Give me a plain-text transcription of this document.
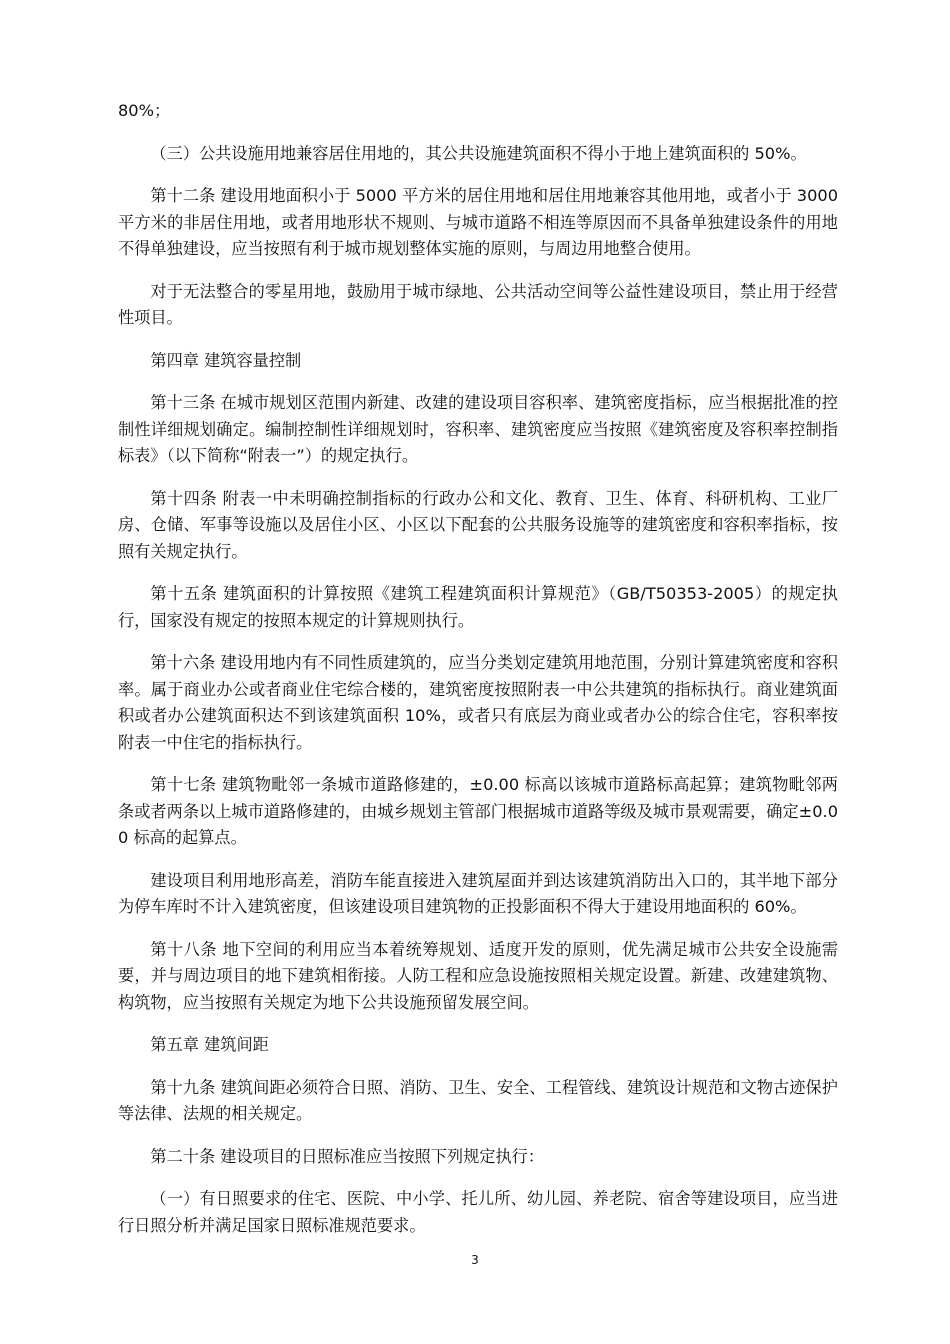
80%；

（三）公共设施用地兼容居住用地的，其公共设施建筑面积不得小于地上建筑面积的 50%。

第十二条 建设用地面积小于 5000 平方米的居住用地和居住用地兼容其他用地，或者小于 3000 平方米的非居住用地，或者用地形状不规则、与城市道路不相连等原因而不具备单独建设条件的用地不得单独建设，应当按照有利于城市规划整体实施的原则，与周边用地整合使用。

对于无法整合的零星用地，鼓励用于城市绿地、公共活动空间等公益性建设项目，禁止用于经营性项目。

第四章 建筑容量控制

第十三条 在城市规划区范围内新建、改建的建设项目容积率、建筑密度指标，应当根据批准的控制性详细规划确定。编制控制性详细规划时，容积率、建筑密度应当按照《建筑密度及容积率控制指标表》（以下简称“附表一”）的规定执行。

第十四条 附表一中未明确控制指标的行政办公和文化、教育、卫生、体育、科研机构、工业厂房、仓储、军事等设施以及居住小区、小区以下配套的公共服务设施等的建筑密度和容积率指标，按照有关规定执行。

第十五条 建筑面积的计算按照《建筑工程建筑面积计算规范》（GB/T50353-2005）的规定执行，国家没有规定的按照本规定的计算规则执行。

第十六条 建设用地内有不同性质建筑的，应当分类划定建筑用地范围，分别计算建筑密度和容积率。属于商业办公或者商业住宅综合楼的，建筑密度按照附表一中公共建筑的指标执行。商业建筑面积或者办公建筑面积达不到该建筑面积 10%，或者只有底层为商业或者办公的综合住宅，容积率按附表一中住宅的指标执行。

第十七条 建筑物毗邻一条城市道路修建的，±0.00 标高以该城市道路标高起算；建筑物毗邻两条或者两条以上城市道路修建的，由城乡规划主管部门根据城市道路等级及城市景观需要，确定±0.00 标高的起算点。

建设项目利用地形高差，消防车能直接进入建筑屋面并到达该建筑消防出入口的，其半地下部分为停车库时不计入建筑密度，但该建设项目建筑物的正投影面积不得大于建设用地面积的 60%。

第十八条 地下空间的利用应当本着统筹规划、适度开发的原则，优先满足城市公共安全设施需要，并与周边项目的地下建筑相衔接。人防工程和应急设施按照相关规定设置。新建、改建建筑物、构筑物，应当按照有关规定为地下公共设施预留发展空间。

第五章 建筑间距

第十九条 建筑间距必须符合日照、消防、卫生、安全、工程管线、建筑设计规范和文物古迹保护等法律、法规的相关规定。

第二十条 建设项目的日照标准应当按照下列规定执行：

（一）有日照要求的住宅、医院、中小学、托儿所、幼儿园、养老院、宿舍等建设项目，应当进行日照分析并满足国家日照标准规范要求。

3
